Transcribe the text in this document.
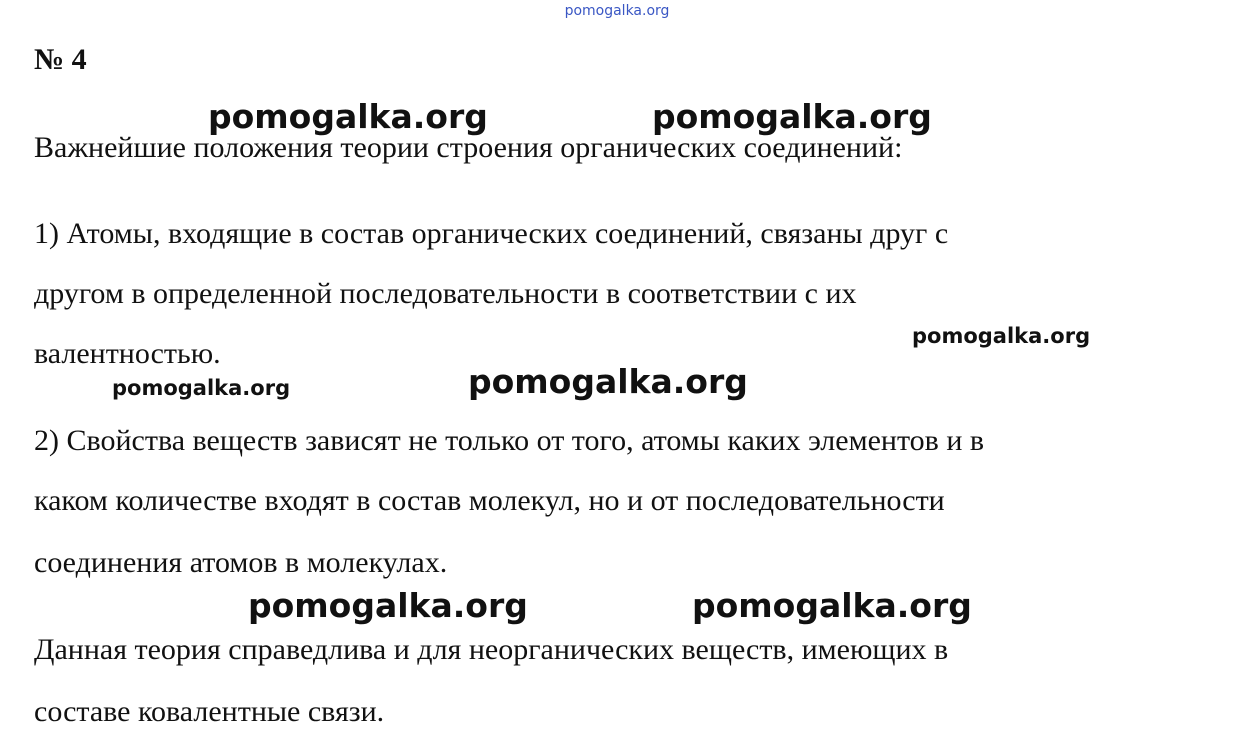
pomogalka.org
№ 4
Важнейшие положения теории строения органических соединений:
1) Атомы, входящие в состав органических соединений, связаны друг с
другом в определенной последовательности в соответствии с их
валентностью.
2) Свойства веществ зависят не только от того, атомы каких элементов и в
каком количестве входят в состав молекул, но и от последовательности
соединения атомов в молекулах.
Данная теория справедлива и для неорганических веществ, имеющих в
составе ковалентные связи.
pomogalka.org	pomogalka.org
pomogalka.org
pomogalka.org	pomogalka.org
pomogalka.org	pomogalka.org
